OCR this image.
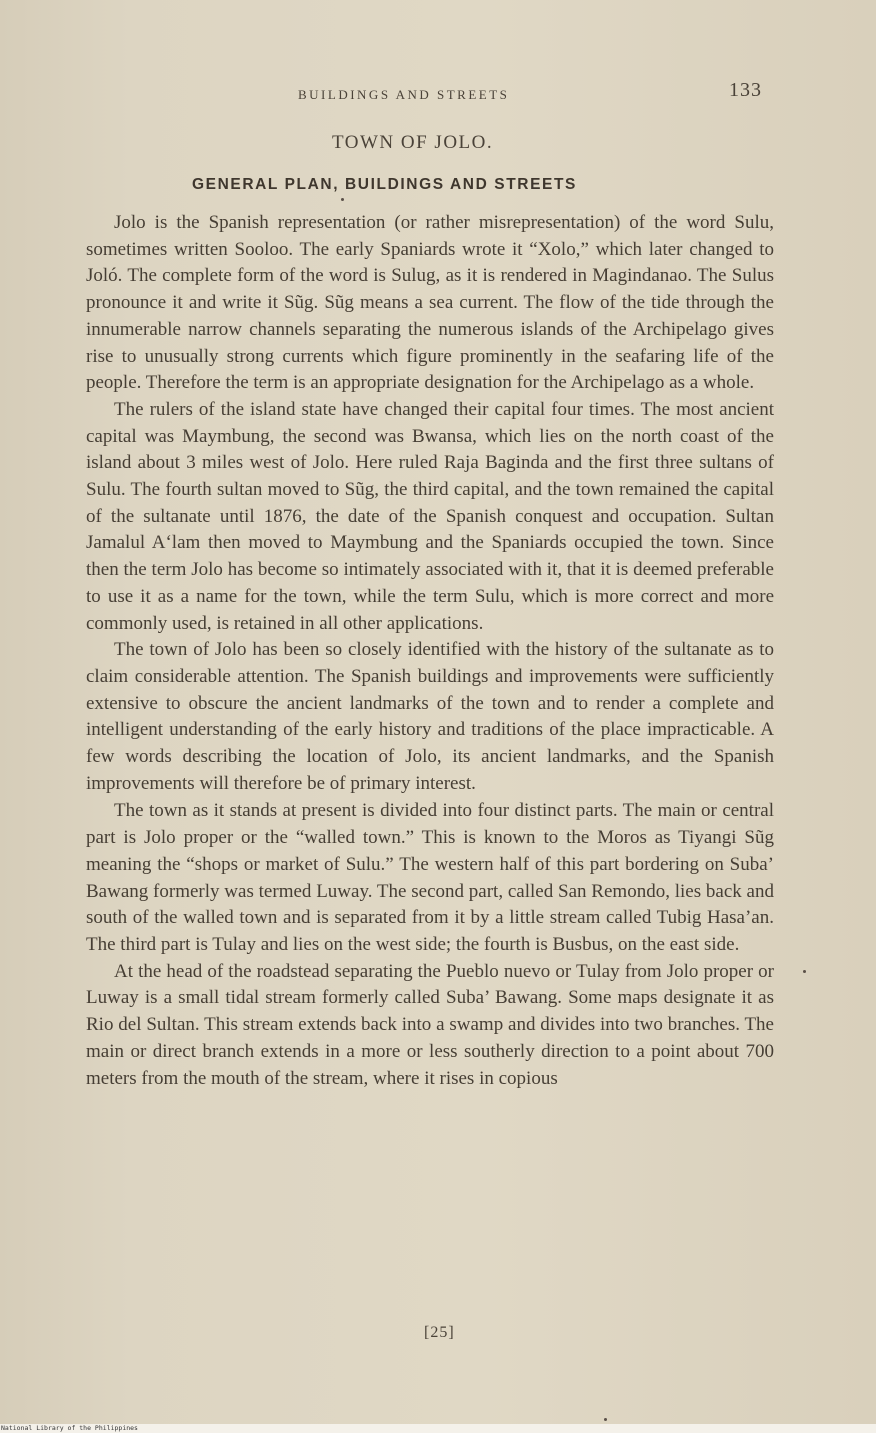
BUILDINGS AND STREETS	133
TOWN OF JOLO.
GENERAL PLAN, BUILDINGS AND STREETS

Jolo is the Spanish representation (or rather misrepresentation) of the word Sulu, sometimes written Sooloo. The early Spaniards wrote it “Xolo,” which later changed to Joló. The complete form of the word is Sulug, as it is rendered in Magindanao. The Sulus pronounce it and write it Sũg. Sũg means a sea current. The flow of the tide through the innumerable narrow channels separating the numerous islands of the Archipelago gives rise to unusually strong currents which figure prominently in the seafaring life of the people. Therefore the term is an appropriate designation for the Archipelago as a whole.

The rulers of the island state have changed their capital four times. The most ancient capital was Maymbung, the second was Bwansa, which lies on the north coast of the island about 3 miles west of Jolo. Here ruled Raja Baginda and the first three sultans of Sulu. The fourth sultan moved to Sũg, the third capital, and the town remained the capital of the sultanate until 1876, the date of the Spanish conquest and occupation. Sultan Jamalul A‘lam then moved to Maymbung and the Spaniards occupied the town. Since then the term Jolo has become so intimately associated with it, that it is deemed preferable to use it as a name for the town, while the term Sulu, which is more correct and more commonly used, is retained in all other applications.

The town of Jolo has been so closely identified with the history of the sultanate as to claim considerable attention. The Spanish buildings and improvements were sufficiently extensive to obscure the ancient landmarks of the town and to render a complete and intelligent understanding of the early history and traditions of the place impracticable. A few words describing the location of Jolo, its ancient landmarks, and the Spanish improvements will therefore be of primary interest.

The town as it stands at present is divided into four distinct parts. The main or central part is Jolo proper or the “walled town.” This is known to the Moros as Tiyangi Sũg meaning the “shops or market of Sulu.” The western half of this part bordering on Suba’ Bawang formerly was termed Luway. The second part, called San Remondo, lies back and south of the walled town and is separated from it by a little stream called Tubig Hasa’an. The third part is Tulay and lies on the west side; the fourth is Busbus, on the east side.

At the head of the roadstead separating the Pueblo nuevo or Tulay from Jolo proper or Luway is a small tidal stream formerly called Suba’ Bawang. Some maps designate it as Rio del Sultan. This stream extends back into a swamp and divides into two branches. The main or direct branch extends in a more or less southerly direction to a point about 700 meters from the mouth of the stream, where it rises in copious

[25]
National Library of the Philippines
